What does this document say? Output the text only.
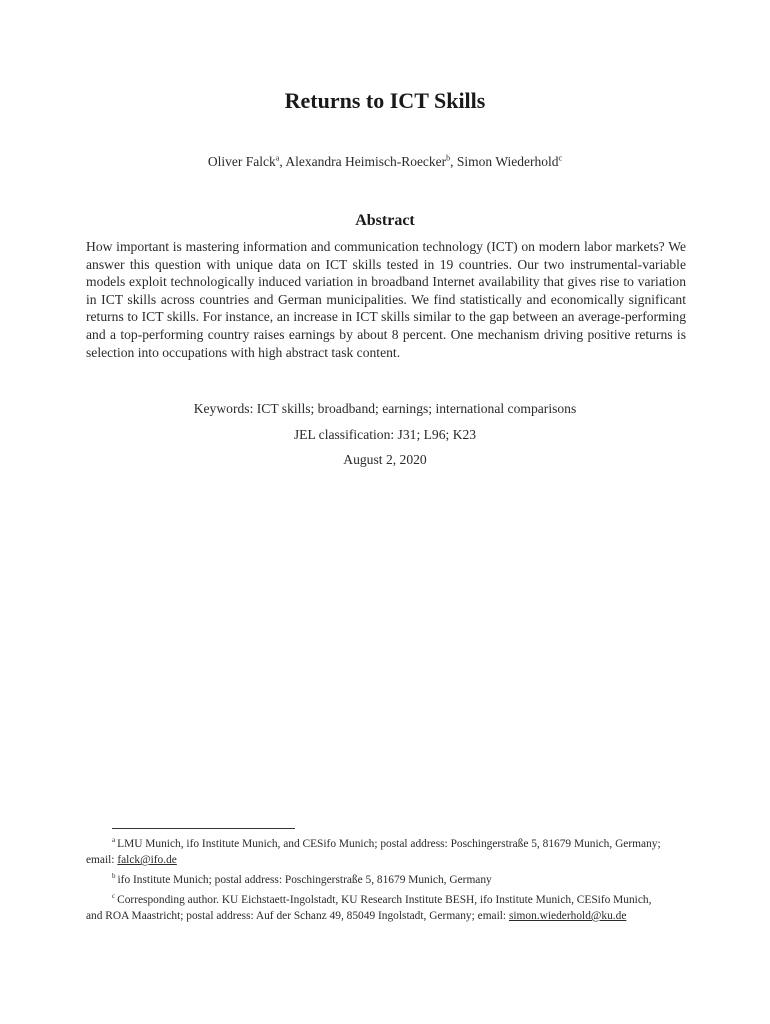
Returns to ICT Skills
Oliver Falck$^a$, Alexandra Heimisch-Roecker$^b$, Simon Wiederhold$^c$
Abstract
How important is mastering information and communication technology (ICT) on modern labor markets? We answer this question with unique data on ICT skills tested in 19 countries. Our two instrumental-variable models exploit technologically induced variation in broadband Internet availability that gives rise to variation in ICT skills across countries and German municipalities. We find statistically and economically significant returns to ICT skills. For instance, an increase in ICT skills similar to the gap between an average-performing and a top-performing country raises earnings by about 8 percent. One mechanism driving positive returns is selection into occupations with high abstract task content.
Keywords: ICT skills; broadband; earnings; international comparisons
JEL classification: J31; L96; K23
August 2, 2020
$^a$ LMU Munich, ifo Institute Munich, and CESifo Munich; postal address: Poschingerstraße 5, 81679 Munich, Germany; email: falck@ifo.de
$^b$ ifo Institute Munich; postal address: Poschingerstraße 5, 81679 Munich, Germany
$^c$ Corresponding author. KU Eichstaett-Ingolstadt, KU Research Institute BESH, ifo Institute Munich, CESifo Munich, and ROA Maastricht; postal address: Auf der Schanz 49, 85049 Ingolstadt, Germany; email: simon.wiederhold@ku.de
